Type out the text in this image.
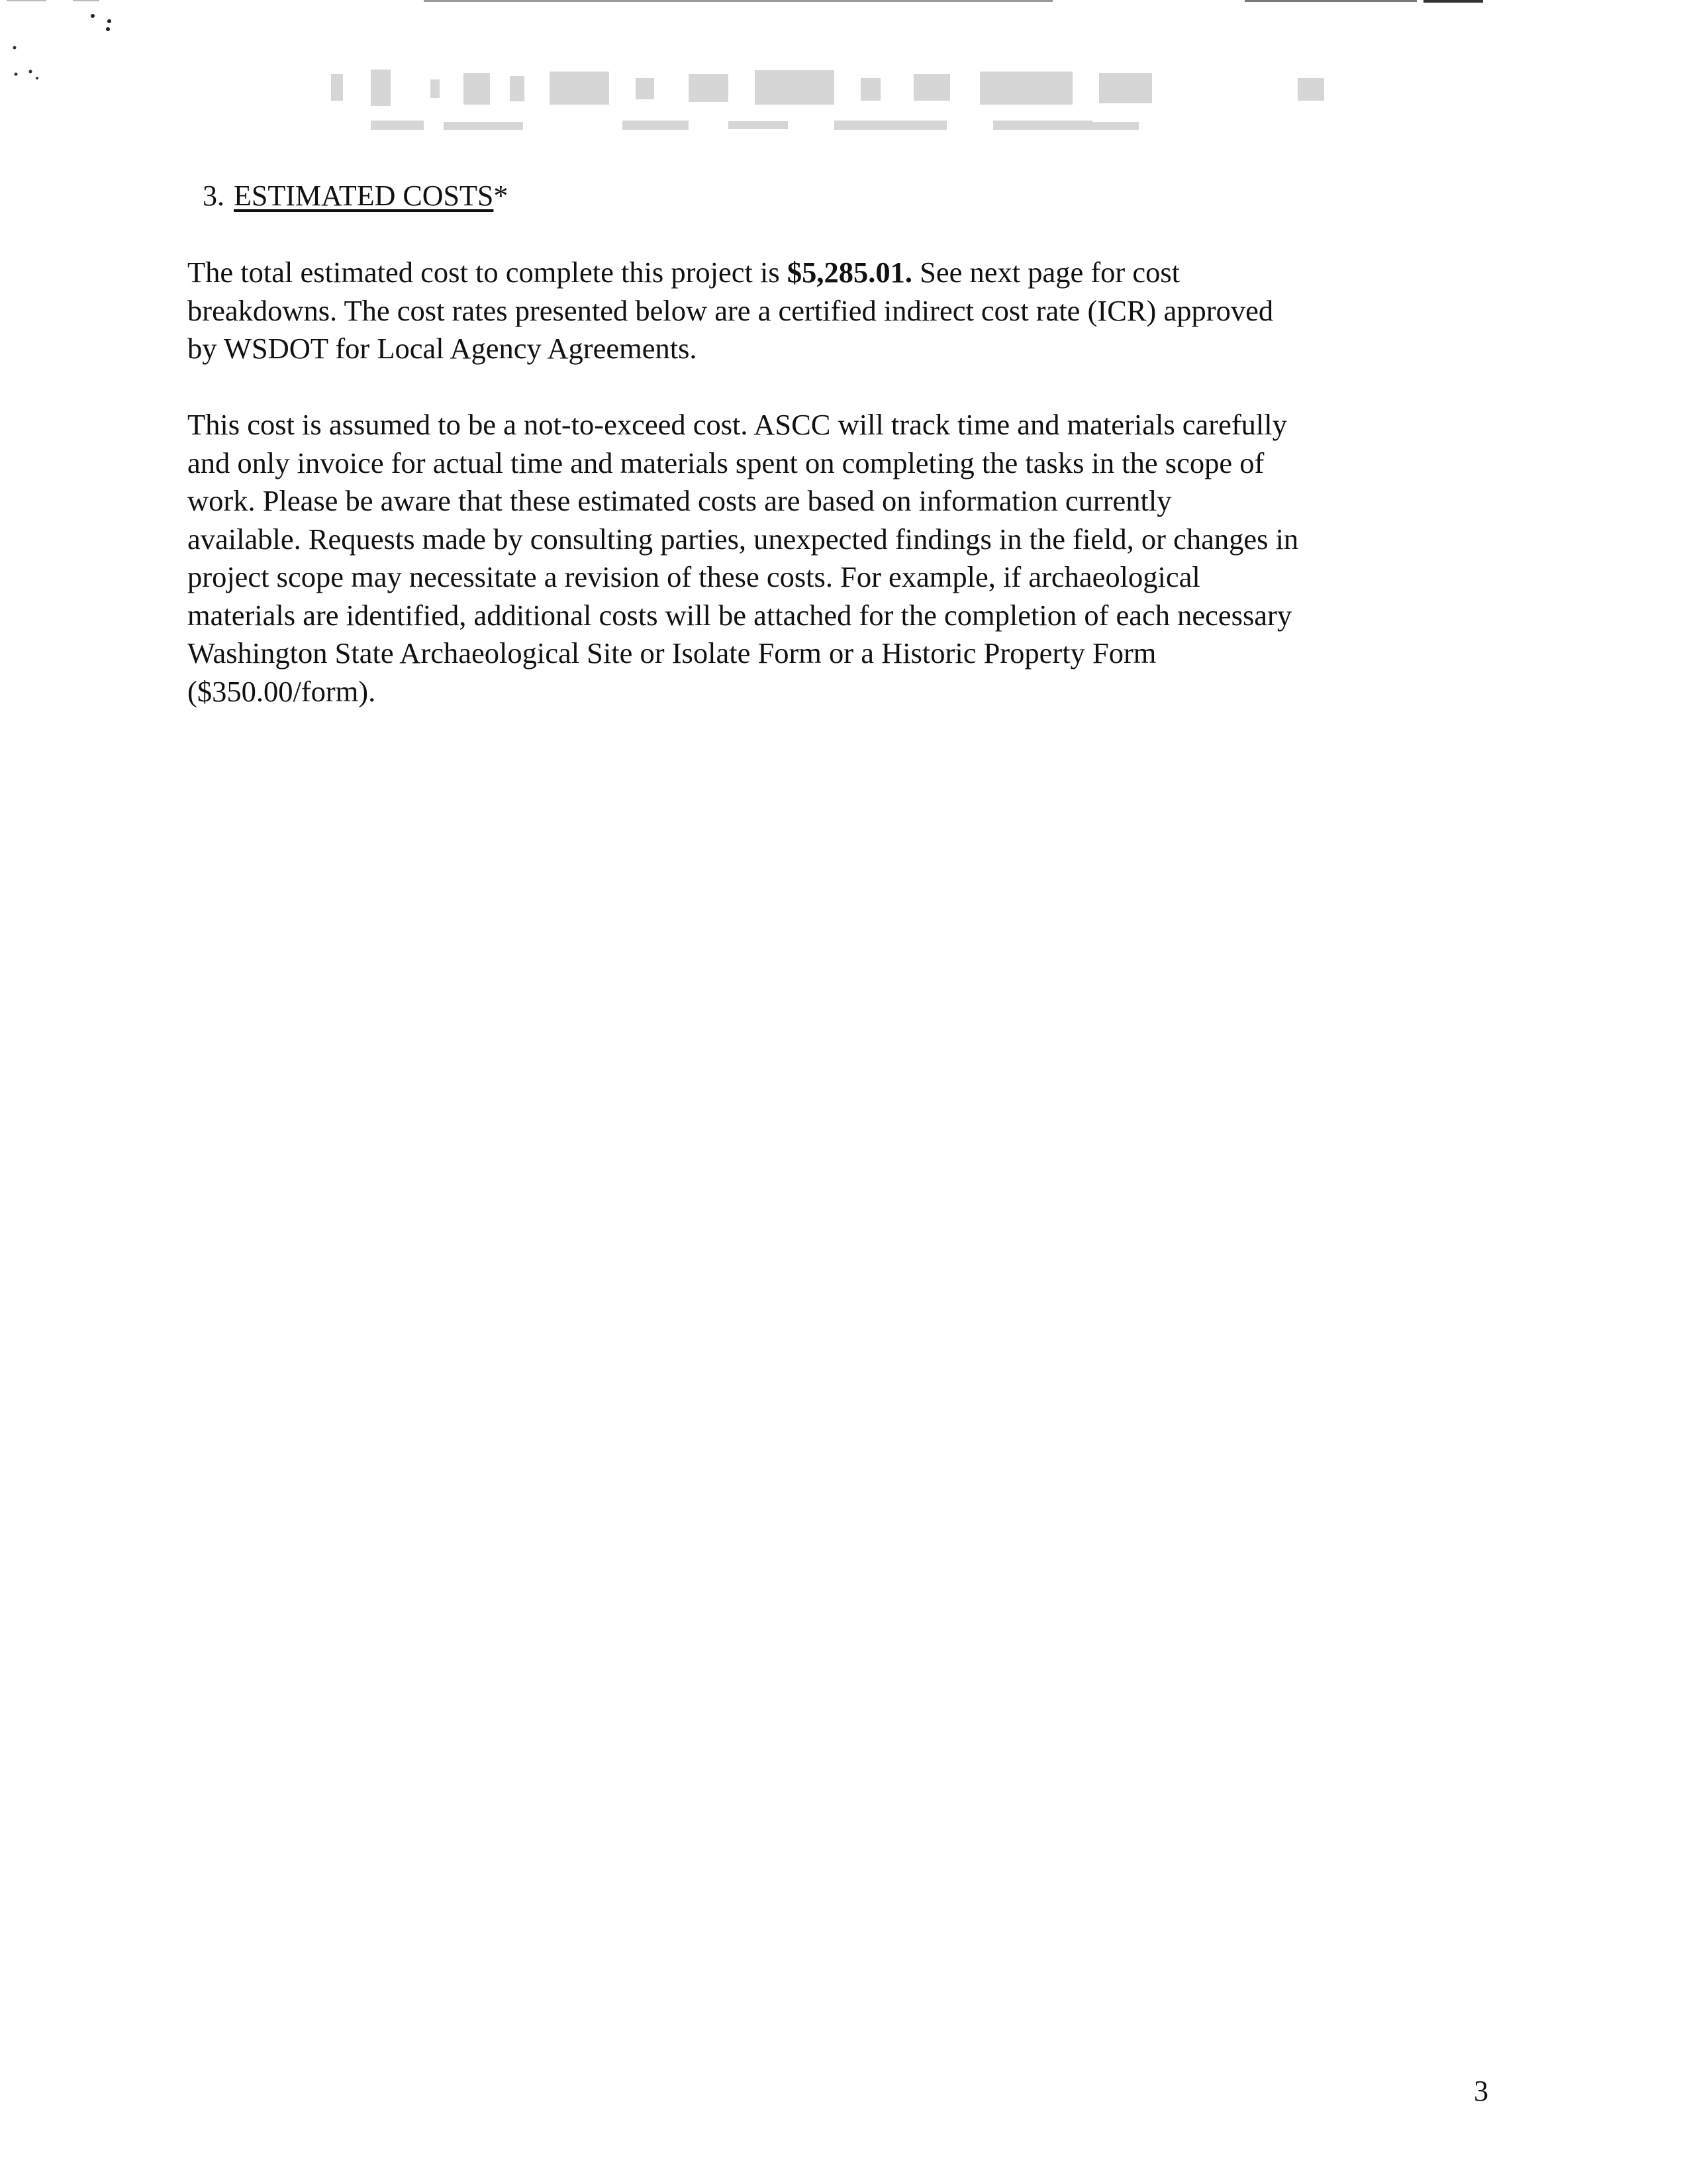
3. ESTIMATED COSTS*

The total estimated cost to complete this project is $5,285.01. See next page for cost
breakdowns. The cost rates presented below are a certified indirect cost rate (ICR) approved
by WSDOT for Local Agency Agreements.

This cost is assumed to be a not-to-exceed cost. ASCC will track time and materials carefully
and only invoice for actual time and materials spent on completing the tasks in the scope of
work. Please be aware that these estimated costs are based on information currently
available. Requests made by consulting parties, unexpected findings in the field, or changes in
project scope may necessitate a revision of these costs. For example, if archaeological
materials are identified, additional costs will be attached for the completion of each necessary
Washington State Archaeological Site or Isolate Form or a Historic Property Form
($350.00/form).

3
